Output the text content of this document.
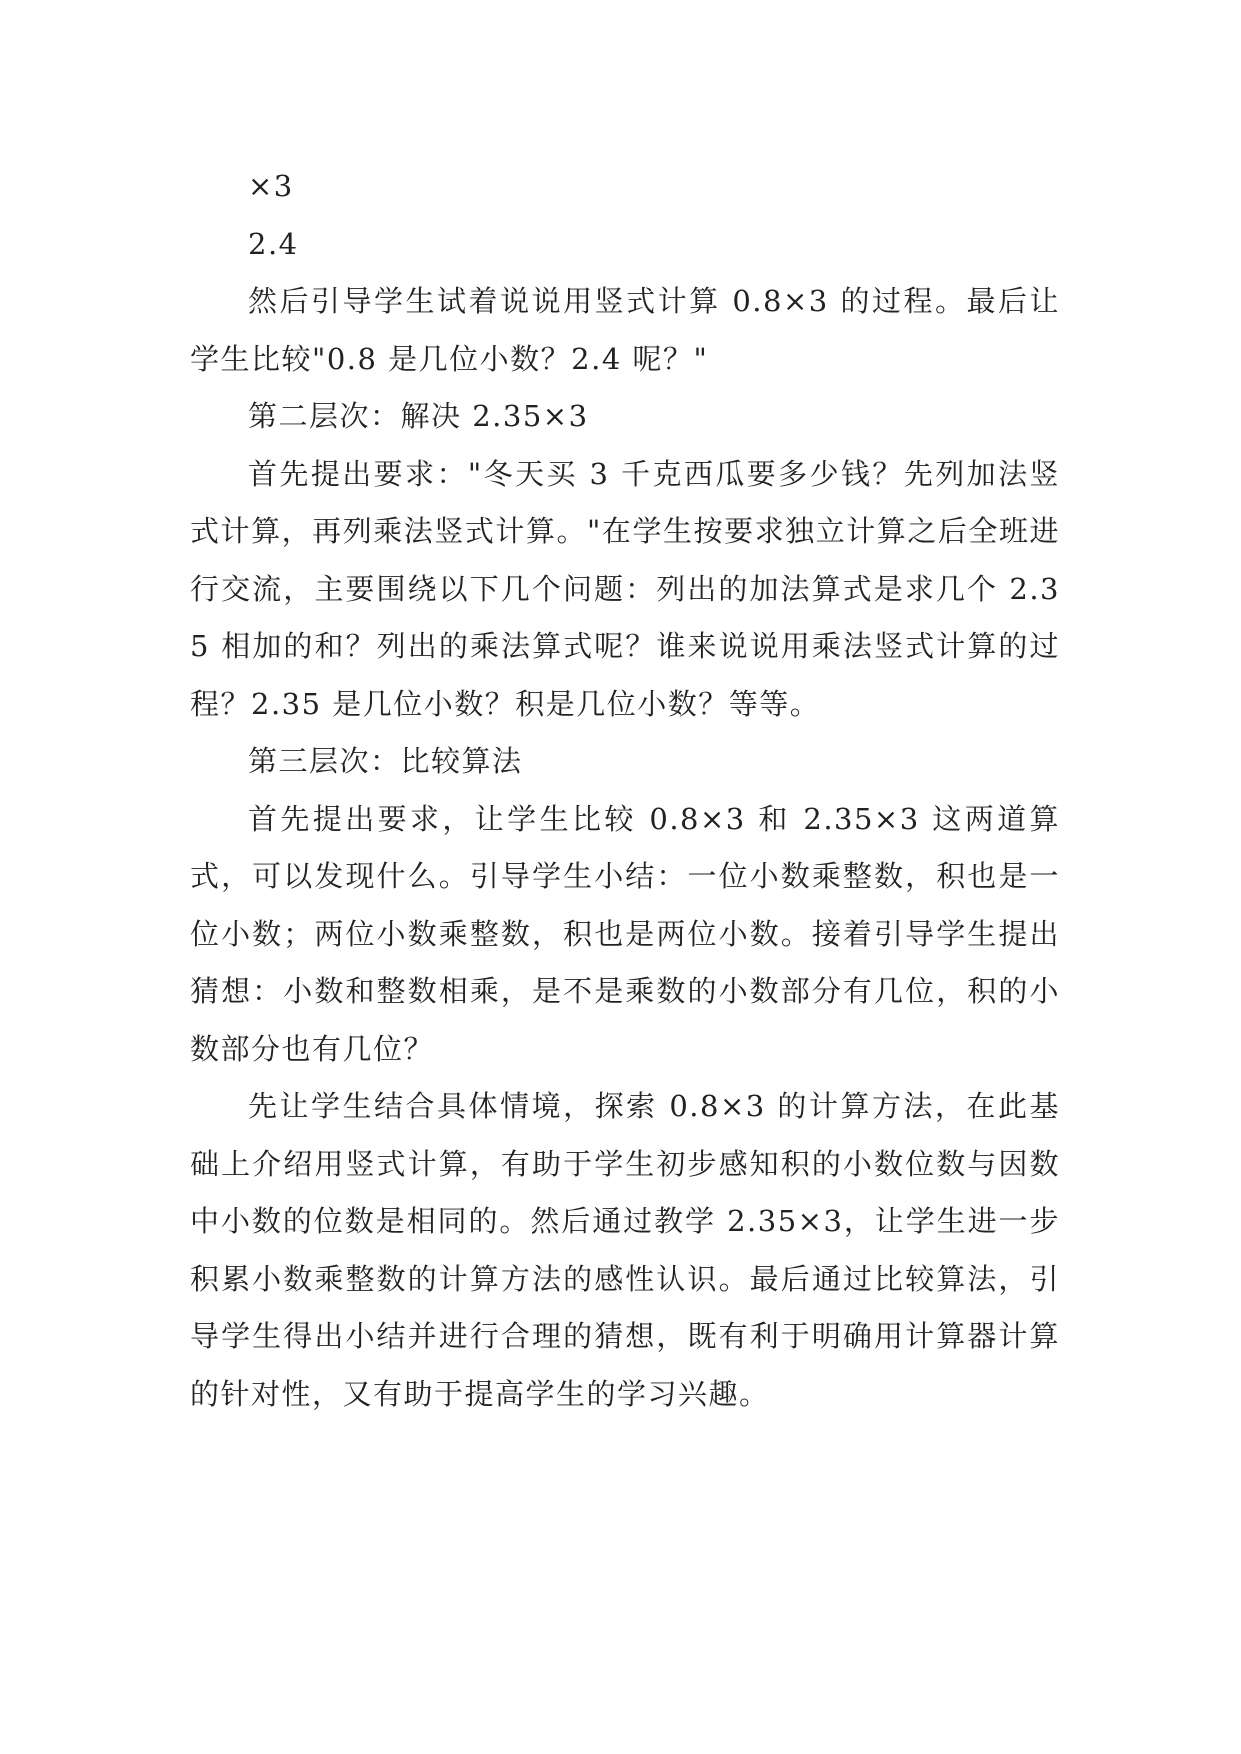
×3

2.4

然后引导学生试着说说用竖式计算 0.8×3 的过程。最后让学生比较"0.8 是几位小数？2.4 呢？"

第二层次：解决 2.35×3

首先提出要求："冬天买 3 千克西瓜要多少钱？先列加法竖式计算，再列乘法竖式计算。"在学生按要求独立计算之后全班进行交流，主要围绕以下几个问题：列出的加法算式是求几个 2.35 相加的和？列出的乘法算式呢？谁来说说用乘法竖式计算的过程？2.35 是几位小数？积是几位小数？等等。

第三层次：比较算法

首先提出要求，让学生比较 0.8×3 和 2.35×3 这两道算式，可以发现什么。引导学生小结：一位小数乘整数，积也是一位小数；两位小数乘整数，积也是两位小数。接着引导学生提出猜想：小数和整数相乘，是不是乘数的小数部分有几位，积的小数部分也有几位？

先让学生结合具体情境，探索 0.8×3 的计算方法，在此基础上介绍用竖式计算，有助于学生初步感知积的小数位数与因数中小数的位数是相同的。然后通过教学 2.35×3，让学生进一步积累小数乘整数的计算方法的感性认识。最后通过比较算法，引导学生得出小结并进行合理的猜想，既有利于明确用计算器计算的针对性，又有助于提高学生的学习兴趣。
